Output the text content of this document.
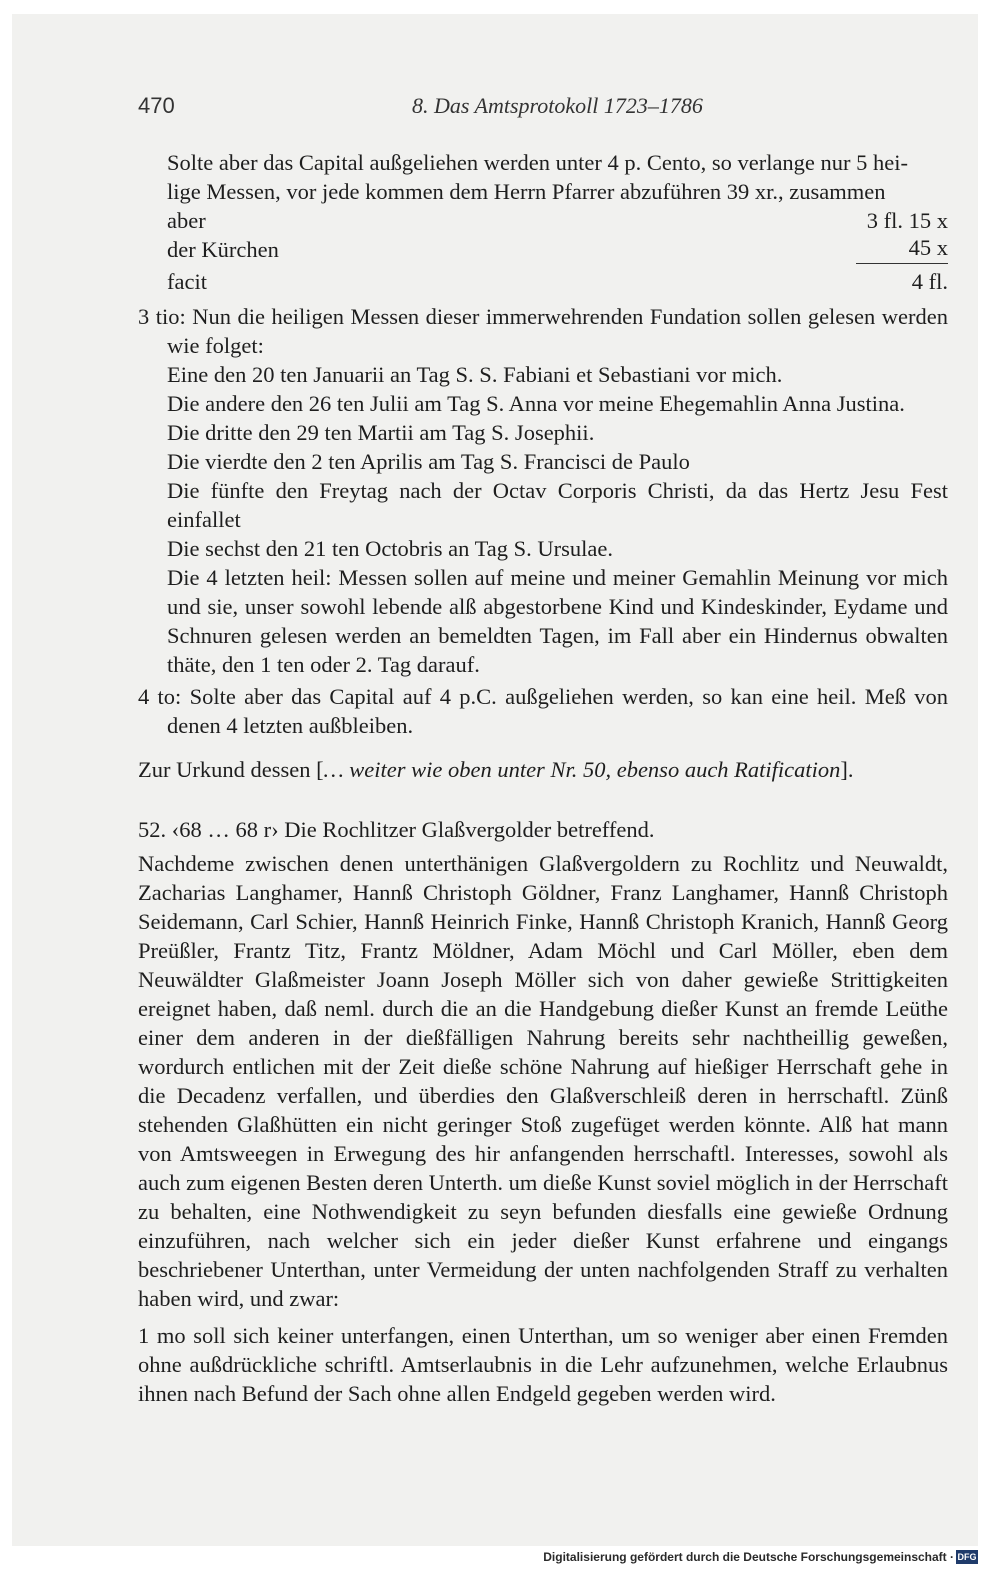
470	8. Das Amtsprotokoll 1723–1786
Solte aber das Capital außgeliehen werden unter 4 p. Cento, so verlange nur 5 hei-
lige Messen, vor jede kommen dem Herrn Pfarrer abzuführen 39 xr., zusammen
aber	3 fl. 15 x
der Kürchen	45 x
facit	4 fl.

3 tio: Nun die heiligen Messen dieser immerwehrenden Fundation sollen gelesen werden wie folget:

Eine den 20 ten Januarii an Tag S. S. Fabiani et Sebastiani vor mich.

Die andere den 26 ten Julii am Tag S. Anna vor meine Ehegemahlin Anna Justina.

Die dritte den 29 ten Martii am Tag S. Josephii.

Die vierdte den 2 ten Aprilis am Tag S. Francisci de Paulo

Die fünfte den Freytag nach der Octav Corporis Christi, da das Hertz Jesu Fest einfallet

Die sechst den 21 ten Octobris an Tag S. Ursulae.

Die 4 letzten heil: Messen sollen auf meine und meiner Gemahlin Meinung vor mich und sie, unser sowohl lebende alß abgestorbene Kind und Kindeskinder, Eydame und Schnuren gelesen werden an bemeldten Tagen, im Fall aber ein Hindernus obwalten thäte, den 1 ten oder 2. Tag darauf.

4 to: Solte aber das Capital auf 4 p.C. außgeliehen werden, so kan eine heil. Meß von denen 4 letzten außbleiben.

Zur Urkund dessen [… weiter wie oben unter Nr. 50, ebenso auch Ratification].

52. ‹68 … 68 r› Die Rochlitzer Glaßvergolder betreffend.

Nachdeme zwischen denen unterthänigen Glaßvergoldern zu Rochlitz und Neuwaldt, Zacharias Langhamer, Hannß Christoph Göldner, Franz Langhamer, Hannß Christoph Seidemann, Carl Schier, Hannß Heinrich Finke, Hannß Christoph Kranich, Hannß Georg Preüßler, Frantz Titz, Frantz Möldner, Adam Möchl und Carl Möller, eben dem Neuwäldter Glaßmeister Joann Joseph Möller sich von daher gewieße Strittigkeiten ereignet haben, daß neml. durch die an die Handgebung dießer Kunst an fremde Leüthe einer dem anderen in der dießfälligen Nahrung bereits sehr nachtheillig geweßen, wordurch entlichen mit der Zeit dieße schöne Nahrung auf hießiger Herrschaft gehe in die Decadenz verfallen, und überdies den Glaßverschleiß deren in herrschaftl. Zünß stehenden Glaßhütten ein nicht geringer Stoß zugefüget werden könnte. Alß hat mann von Amtsweegen in Erwegung des hir anfangenden herrschaftl. Interesses, sowohl als auch zum eigenen Besten deren Unterth. um dieße Kunst soviel möglich in der Herrschaft zu behalten, eine Nothwendigkeit zu seyn befunden diesfalls eine gewieße Ordnung einzuführen, nach welcher sich ein jeder dießer Kunst erfahrene und eingangs beschriebener Unterthan, unter Vermeidung der unten nachfolgenden Straff zu verhalten haben wird, und zwar:

1 mo soll sich keiner unterfangen, einen Unterthan, um so weniger aber einen Fremden ohne außdrückliche schriftl. Amtserlaubnis in die Lehr aufzunehmen, welche Erlaubnus ihnen nach Befund der Sach ohne allen Endgeld gegeben werden wird.

Digitalisierung gefördert durch die Deutsche Forschungsgemeinschaft · DFG
